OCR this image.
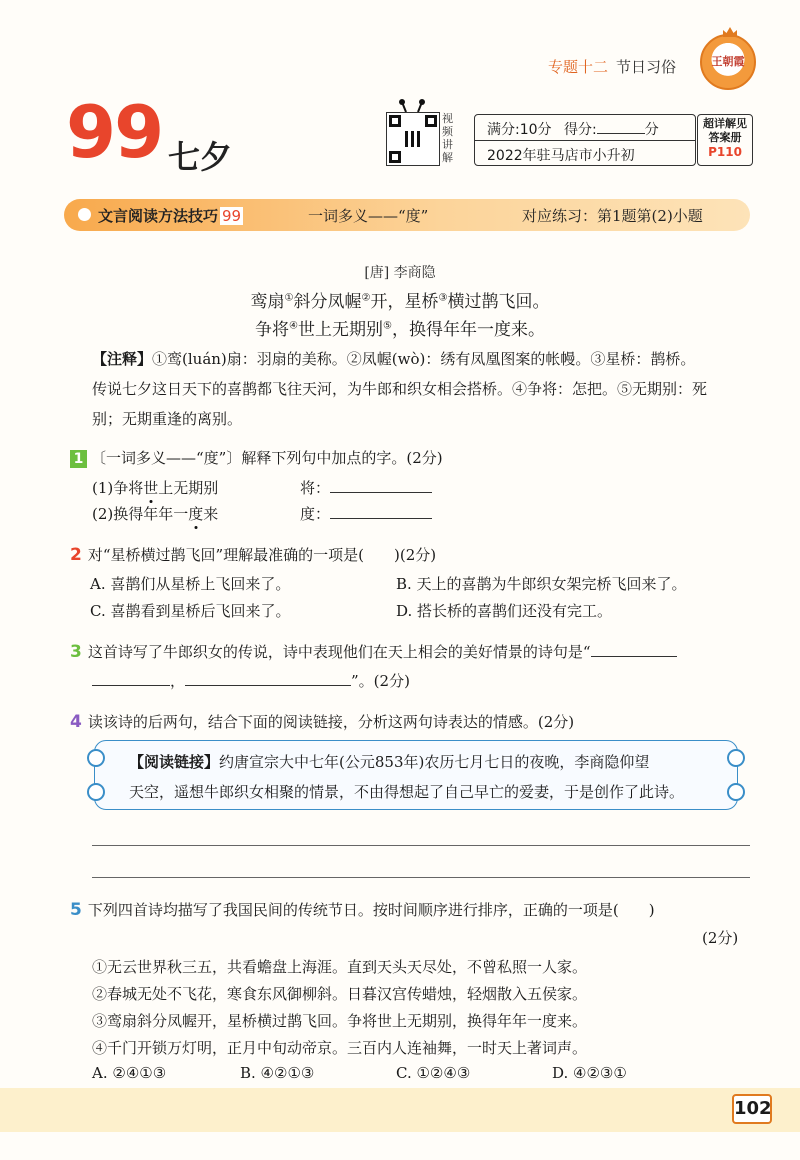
专题十二 节日习俗	王朝霞
99 七夕
视频讲解
满分:10分 得分:	分
2022年驻马店市小升初
超详解见
答案册
P110
文言阅读方法技巧 99	一词多义——“度”	对应练习：第1题第(2)小题
[唐] 李商隐
鸾扇①斜分凤幄②开，星桥③横过鹊飞回。
争将④世上无期别⑤，换得年年一度来。
【注释】①鸾(luán)扇：羽扇的美称。②凤幄(wò)：绣有凤凰图案的帐幔。③星桥：鹊桥。
传说七夕这日天下的喜鹊都飞往天河，为牛郎和织女相会搭桥。④争将：怎把。⑤无期别：死
别；无期重逢的离别。
1 〔一词多义——“度”〕解释下列句中加点的字。(2分)
(1)争将世上无期别	将：
(2)换得年年一度来	度：
2 对“星桥横过鹊飞回”理解最准确的一项是(　　)(2分)
A. 喜鹊们从星桥上飞回来了。	B. 天上的喜鹊为牛郎织女架完桥飞回来了。
C. 喜鹊看到星桥后飞回来了。	D. 搭长桥的喜鹊们还没有完工。
3 这首诗写了牛郎织女的传说，诗中表现他们在天上相会的美好情景的诗句是“
，	”。(2分)
4 读该诗的后两句，结合下面的阅读链接，分析这两句诗表达的情感。(2分)
【阅读链接】约唐宣宗大中七年(公元853年)农历七月七日的夜晚，李商隐仰望
天空，遥想牛郎织女相聚的情景，不由得想起了自己早亡的爱妻，于是创作了此诗。
5 下列四首诗均描写了我国民间的传统节日。按时间顺序进行排序，正确的一项是(　　)
(2分)
①无云世界秋三五，共看蟾盘上海涯。直到天头天尽处，不曾私照一人家。
②春城无处不飞花，寒食东风御柳斜。日暮汉宫传蜡烛，轻烟散入五侯家。
③鸾扇斜分凤幄开，星桥横过鹊飞回。争将世上无期别，换得年年一度来。
④千门开锁万灯明，正月中旬动帝京。三百内人连袖舞，一时天上著词声。
A. ②④①③	B. ④②①③	C. ①②④③	D. ④②③①
102
